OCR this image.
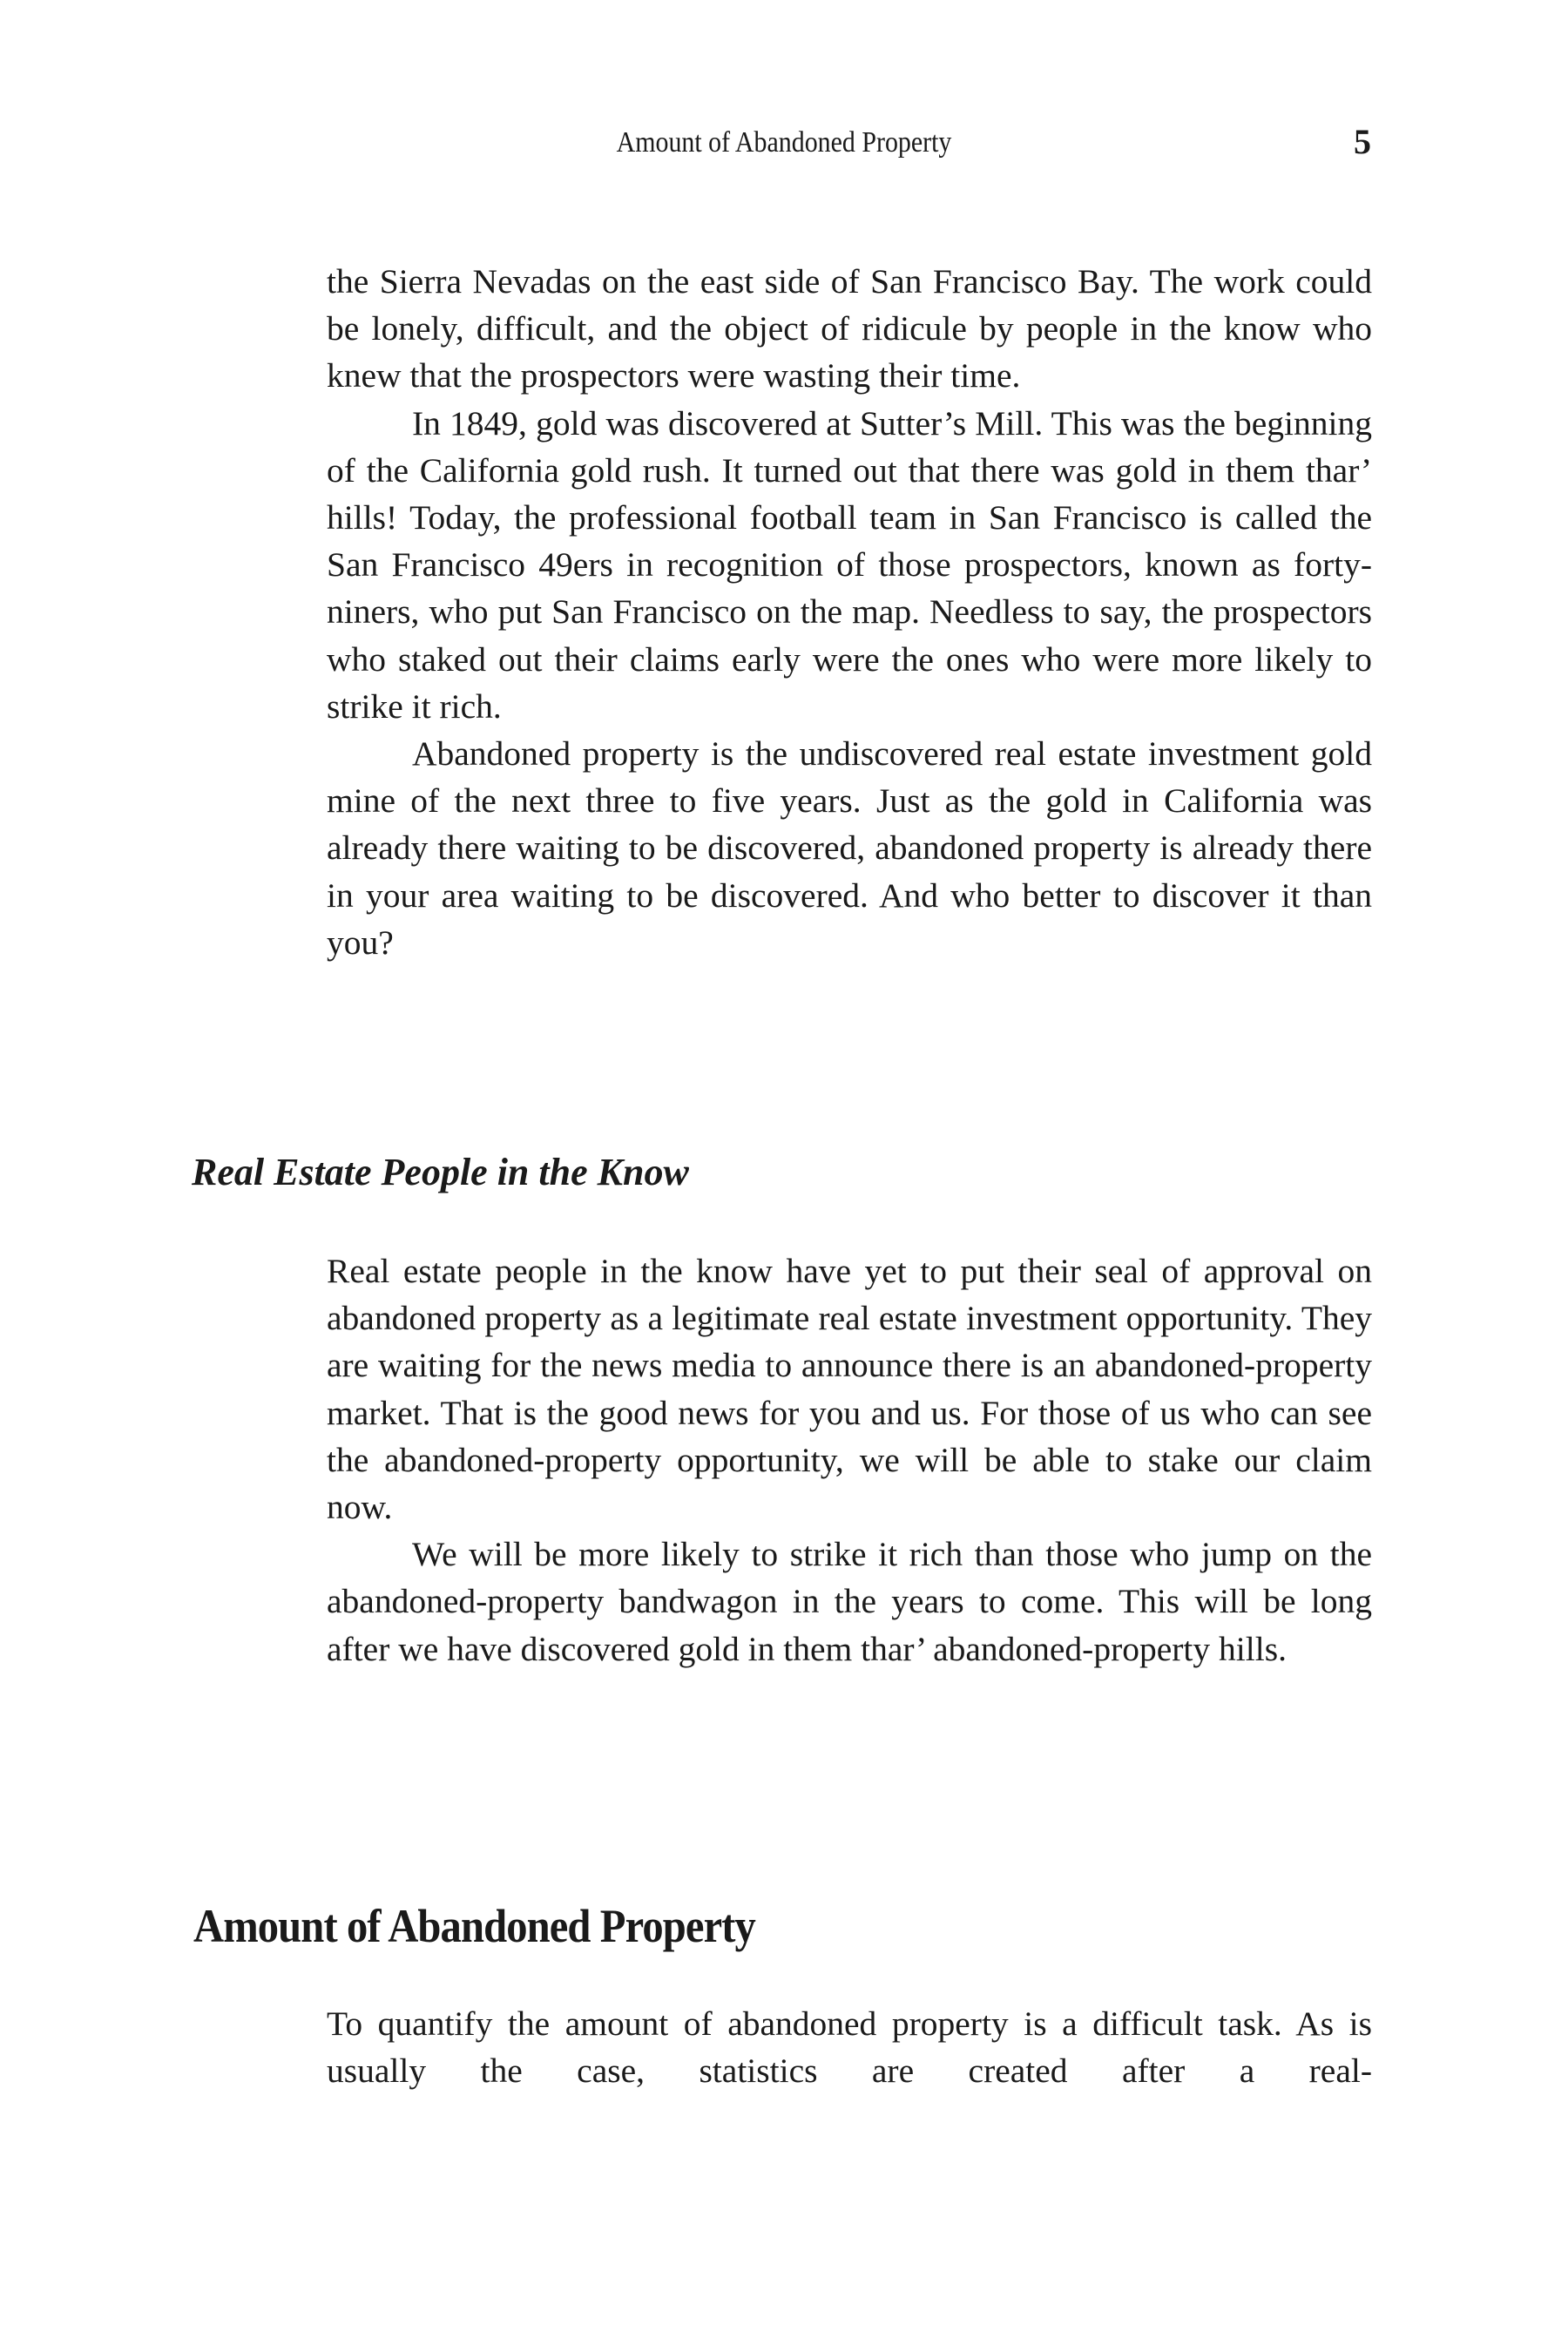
Amount of Abandoned Property	5

the Sierra Nevadas on the east side of San Francisco Bay. The work could be lonely, difficult, and the object of ridicule by people in the know who knew that the prospectors were wasting their time.

In 1849, gold was discovered at Sutter’s Mill. This was the beginning of the California gold rush. It turned out that there was gold in them thar’ hills! Today, the professional football team in San Francisco is called the San Francisco 49ers in recognition of those prospectors, known as forty-niners, who put San Francisco on the map. Needless to say, the prospectors who staked out their claims early were the ones who were more likely to strike it rich.

Abandoned property is the undiscovered real estate investment gold mine of the next three to five years. Just as the gold in California was already there waiting to be discovered, abandoned property is already there in your area waiting to be discovered. And who better to discover it than you?

Real Estate People in the Know

Real estate people in the know have yet to put their seal of approval on abandoned property as a legitimate real estate investment opportunity. They are waiting for the news media to announce there is an abandoned-property market. That is the good news for you and us. For those of us who can see the abandoned-property opportunity, we will be able to stake our claim now.

We will be more likely to strike it rich than those who jump on the abandoned-property bandwagon in the years to come. This will be long after we have discovered gold in them thar’ abandoned-property hills.

Amount of Abandoned Property

To quantify the amount of abandoned property is a difficult task. As is usually the case, statistics are created after a real-
